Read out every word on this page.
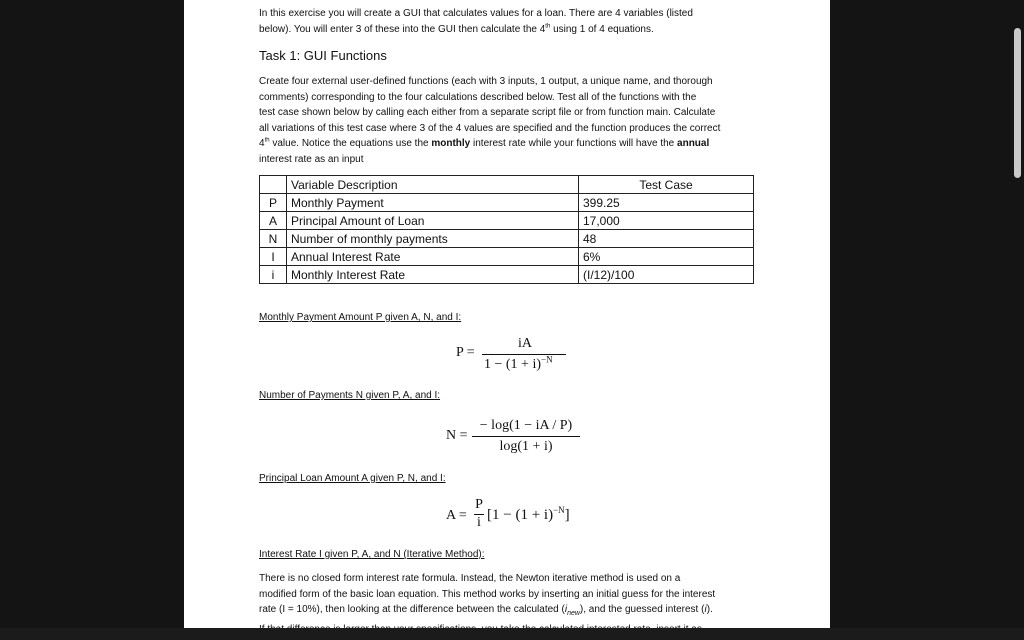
In this exercise you will create a GUI that calculates values for a loan. There are 4 variables (listed
below). You will enter 3 of these into the GUI then calculate the 4th using 1 of 4 equations.
Task 1: GUI Functions
Create four external user-defined functions (each with 3 inputs, 1 output, a unique name, and thorough
comments) corresponding to the four calculations described below. Test all of the functions with the
test case shown below by calling each either from a separate script file or from function main. Calculate
all variations of this test case where 3 of the 4 values are specified and the function produces the correct
4th value. Notice the equations use the monthly interest rate while your functions will have the annual
interest rate as an input
	Variable Description	Test Case
P	Monthly Payment	399.25
A	Principal Amount of Loan	17,000
N	Number of monthly payments	48
I	Annual Interest Rate	6%
i	Monthly Interest Rate	(I/12)/100
Monthly Payment Amount P given A, N, and I:
P =
iA
$1 - (1 + i)^{-N}$
Number of Payments N given P, A, and I:
N =
− log(1 − iA / P)
log(1 + i)
Principal Loan Amount A given P, N, and I:
A =
P
i $[1 - (1 + i)^{-N}]$
Interest Rate I given P, A, and N (Iterative Method):
There is no closed form interest rate formula. Instead, the Newton iterative method is used on a
modified form of the basic loan equation. This method works by inserting an initial guess for the interest
rate (I = 10%), then looking at the difference between the calculated $(i_{new})$, and the guessed interest (i).
